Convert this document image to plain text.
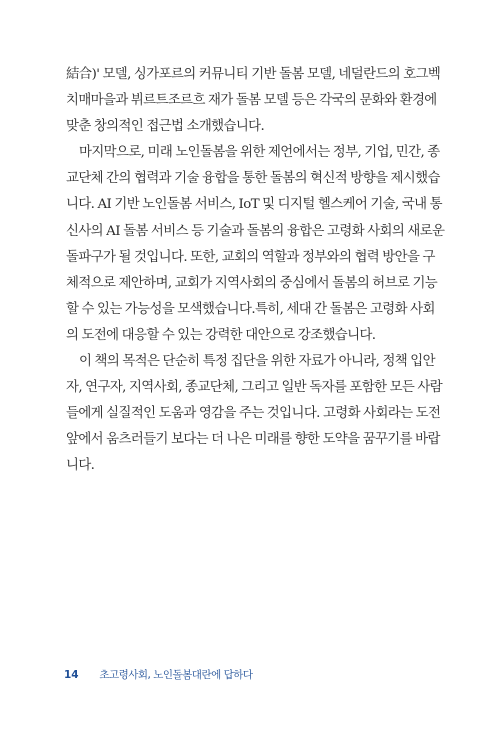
結合)' 모델, 싱가포르의 커뮤니티 기반 돌봄 모델, 네덜란드의 호그벡
치매마을과 뷔르트조르흐 재가 돌봄 모델 등은 각국의 문화와 환경에
맞춘 창의적인 접근법 소개했습니다.
마지막으로, 미래 노인돌봄을 위한 제언에서는 정부, 기업, 민간, 종
교단체 간의 협력과 기술 융합을 통한 돌봄의 혁신적 방향을 제시했습
니다. AI 기반 노인돌봄 서비스, IoT 및 디지털 헬스케어 기술, 국내 통
신사의 AI 돌봄 서비스 등 기술과 돌봄의 융합은 고령화 사회의 새로운
돌파구가 될 것입니다. 또한, 교회의 역할과 정부와의 협력 방안을 구
체적으로 제안하며, 교회가 지역사회의 중심에서 돌봄의 허브로 기능
할 수 있는 가능성을 모색했습니다.특히, 세대 간 돌봄은 고령화 사회
의 도전에 대응할 수 있는 강력한 대안으로 강조했습니다.
이 책의 목적은 단순히 특정 집단을 위한 자료가 아니라, 정책 입안
자, 연구자, 지역사회, 종교단체, 그리고 일반 독자를 포함한 모든 사람
들에게 실질적인 도움과 영감을 주는 것입니다. 고령화 사회라는 도전
앞에서 움츠러들기 보다는 더 나은 미래를 향한 도약을 꿈꾸기를 바랍
니다.
14 초고령사회, 노인돌봄대란에 답하다
